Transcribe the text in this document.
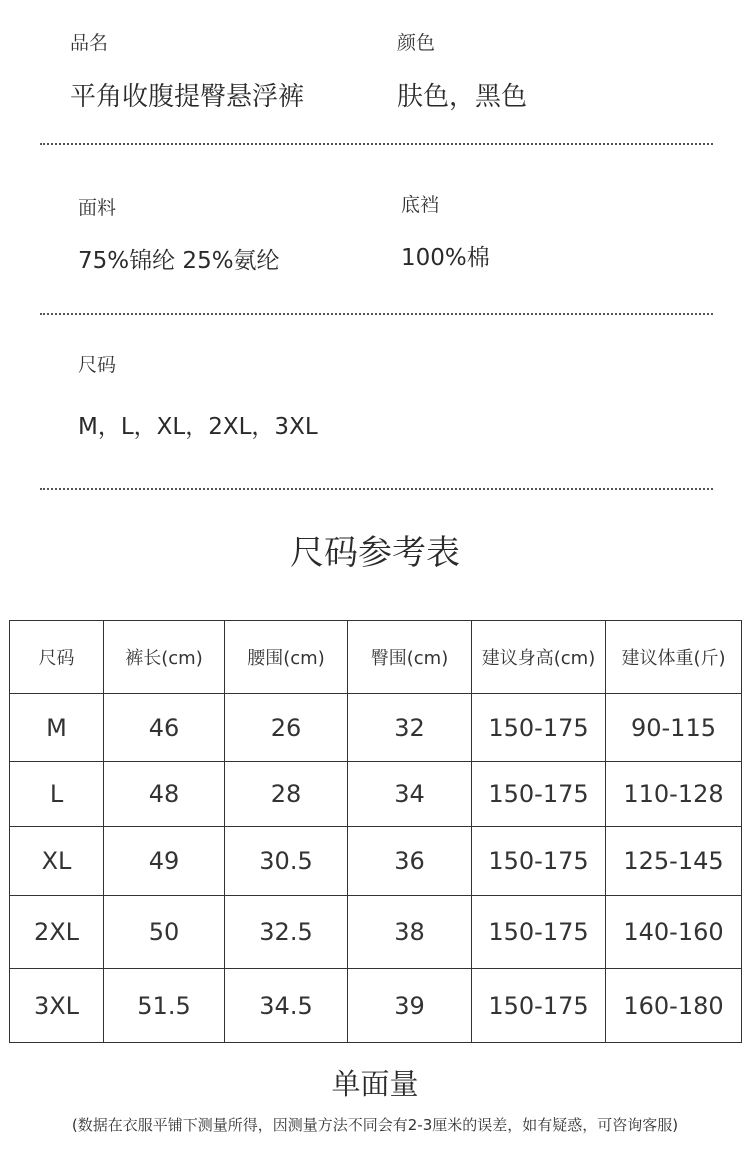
品名	颜色
平角收腹提臀悬浮裤	肤色，黑色
面料	底裆
75%锦纶 25%氨纶	100%棉
尺码
M，L，XL，2XL，3XL
尺码参考表
尺码	裤长(cm)	腰围(cm)	臀围(cm)	建议身高(cm)	建议体重(斤)
M	46	26	32	150-175	90-115
L	48	28	34	150-175	110-128
XL	49	30.5	36	150-175	125-145
2XL	50	32.5	38	150-175	140-160
3XL	51.5	34.5	39	150-175	160-180
单面量
(数据在衣服平铺下测量所得，因测量方法不同会有2-3厘米的误差，如有疑惑，可咨询客服)
